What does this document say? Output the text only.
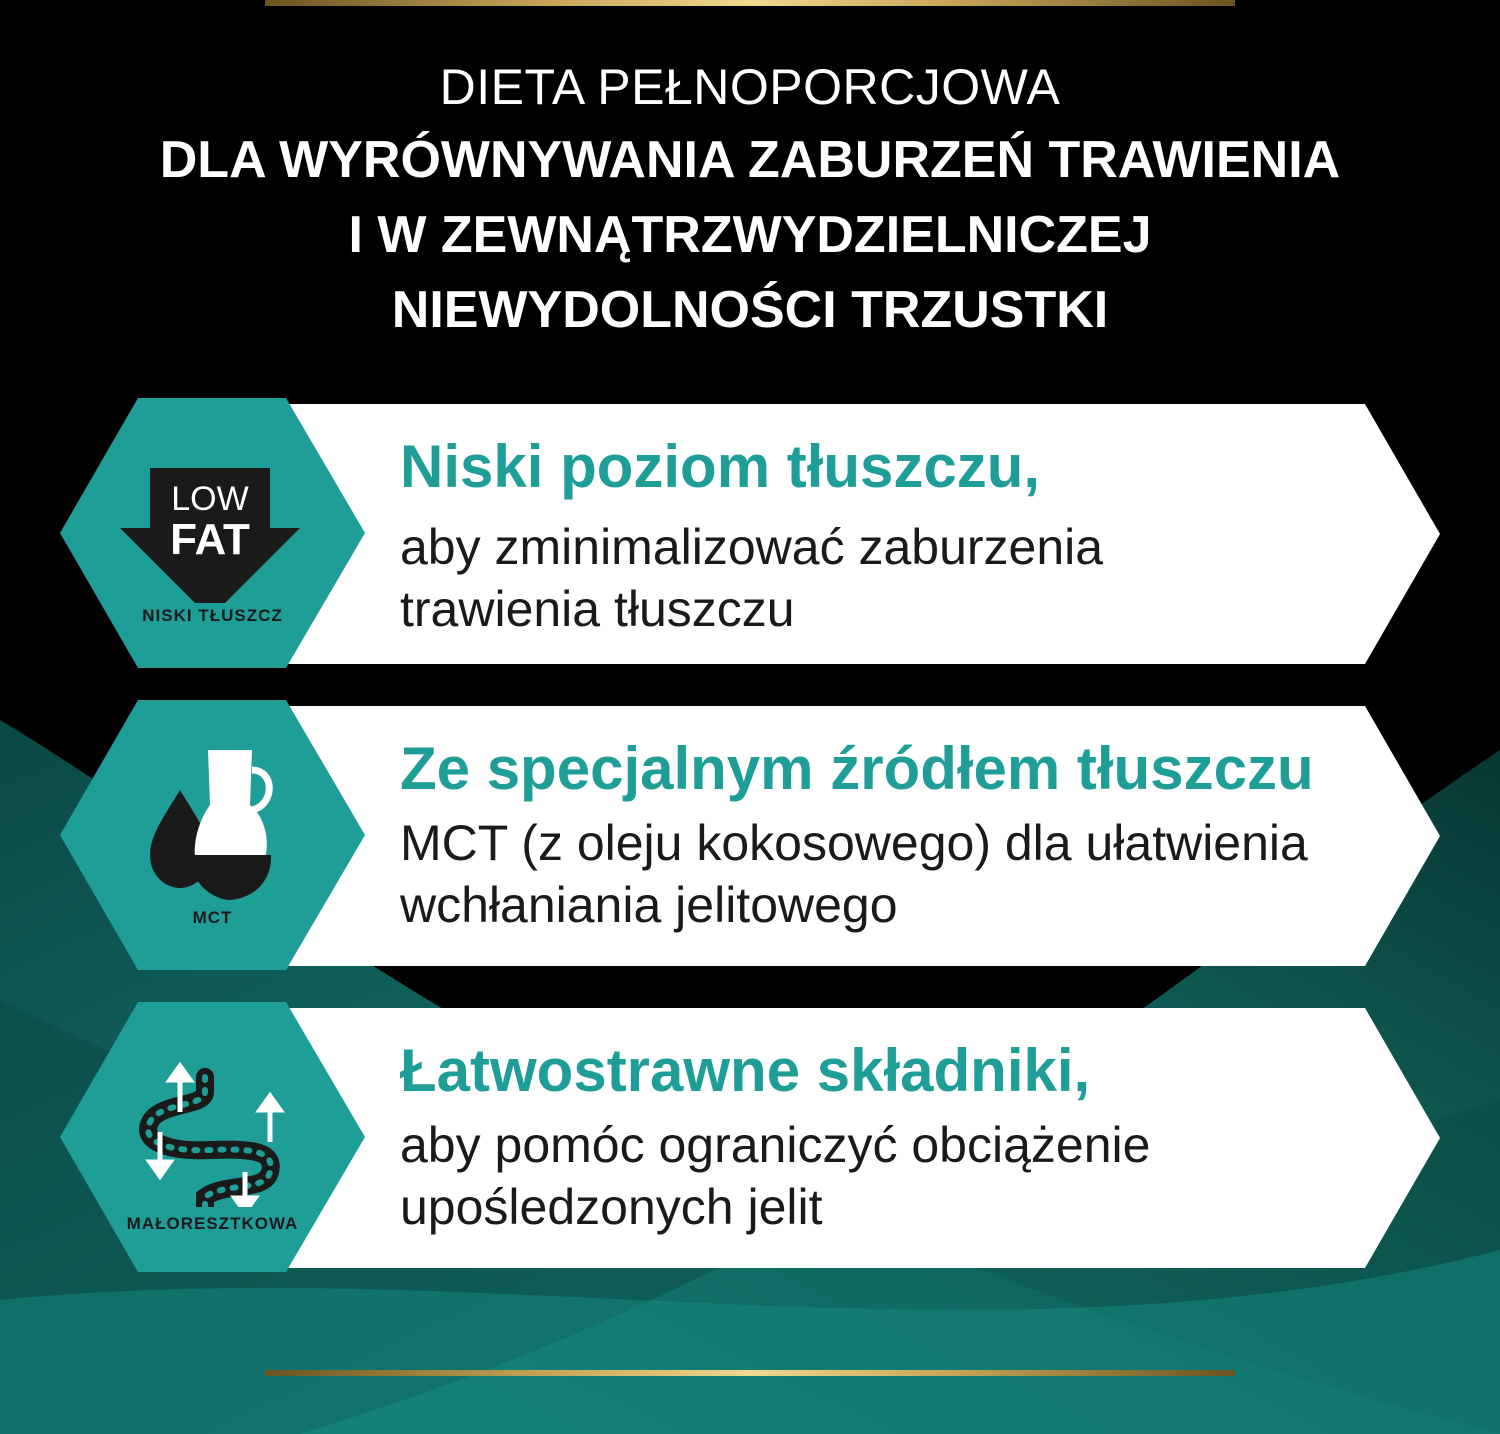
DIETA PEŁNOPORCJOWA
DLA WYRÓWNYWANIA ZABURZEŃ TRAWIENIA
I W ZEWNĄTRZWYDZIELNICZEJ
NIEWYDOLNOŚCI TRZUSTKI
LOW
FAT
NISKI TŁUSZCZ
Niski poziom tłuszczu,
aby zminimalizować zaburzenia
trawienia tłuszczu
MCT
Ze specjalnym źródłem tłuszczu
MCT (z oleju kokosowego) dla ułatwienia
wchłaniania jelitowego
MAŁORESZTKOWA
Łatwostrawne składniki,
aby pomóc ograniczyć obciążenie
upośledzonych jelit
